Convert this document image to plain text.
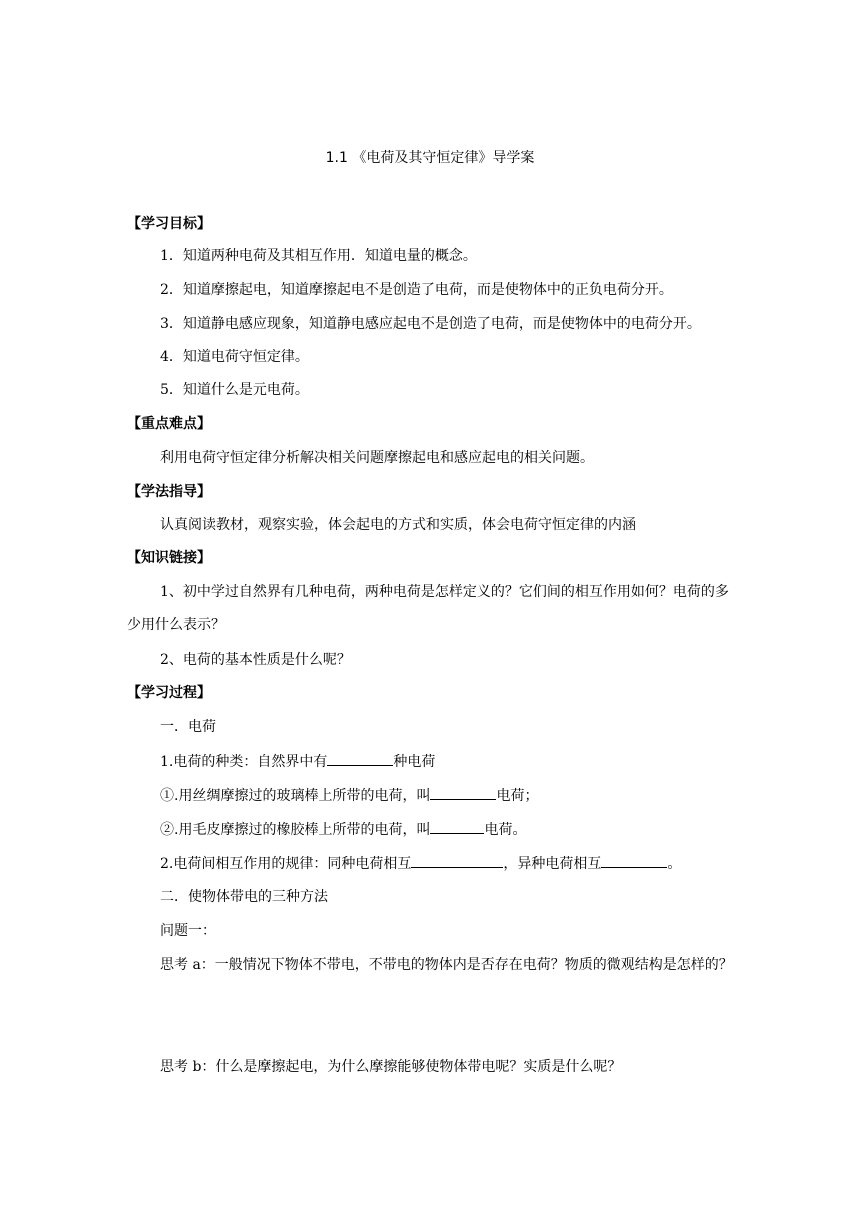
1.1 《电荷及其守恒定律》导学案
【学习目标】
1．知道两种电荷及其相互作用．知道电量的概念。
2．知道摩擦起电，知道摩擦起电不是创造了电荷，而是使物体中的正负电荷分开。
3．知道静电感应现象，知道静电感应起电不是创造了电荷，而是使物体中的电荷分开。
4．知道电荷守恒定律。
5．知道什么是元电荷。
【重点难点】
利用电荷守恒定律分析解决相关问题摩擦起电和感应起电的相关问题。
【学法指导】
认真阅读教材，观察实验，体会起电的方式和实质，体会电荷守恒定律的内涵
【知识链接】
1、初中学过自然界有几种电荷，两种电荷是怎样定义的？它们间的相互作用如何？电荷的多少用什么表示？
2、电荷的基本性质是什么呢？
【学习过程】
一．电荷
1.电荷的种类：自然界中有	种电荷
①.用丝绸摩擦过的玻璃棒上所带的电荷，叫	电荷；
②.用毛皮摩擦过的橡胶棒上所带的电荷，叫	电荷。
2.电荷间相互作用的规律：同种电荷相互	，异种电荷相互	。
二．使物体带电的三种方法
问题一：
思考 a：一般情况下物体不带电，不带电的物体内是否存在电荷？物质的微观结构是怎样的？
思考 b：什么是摩擦起电，为什么摩擦能够使物体带电呢？实质是什么呢？
